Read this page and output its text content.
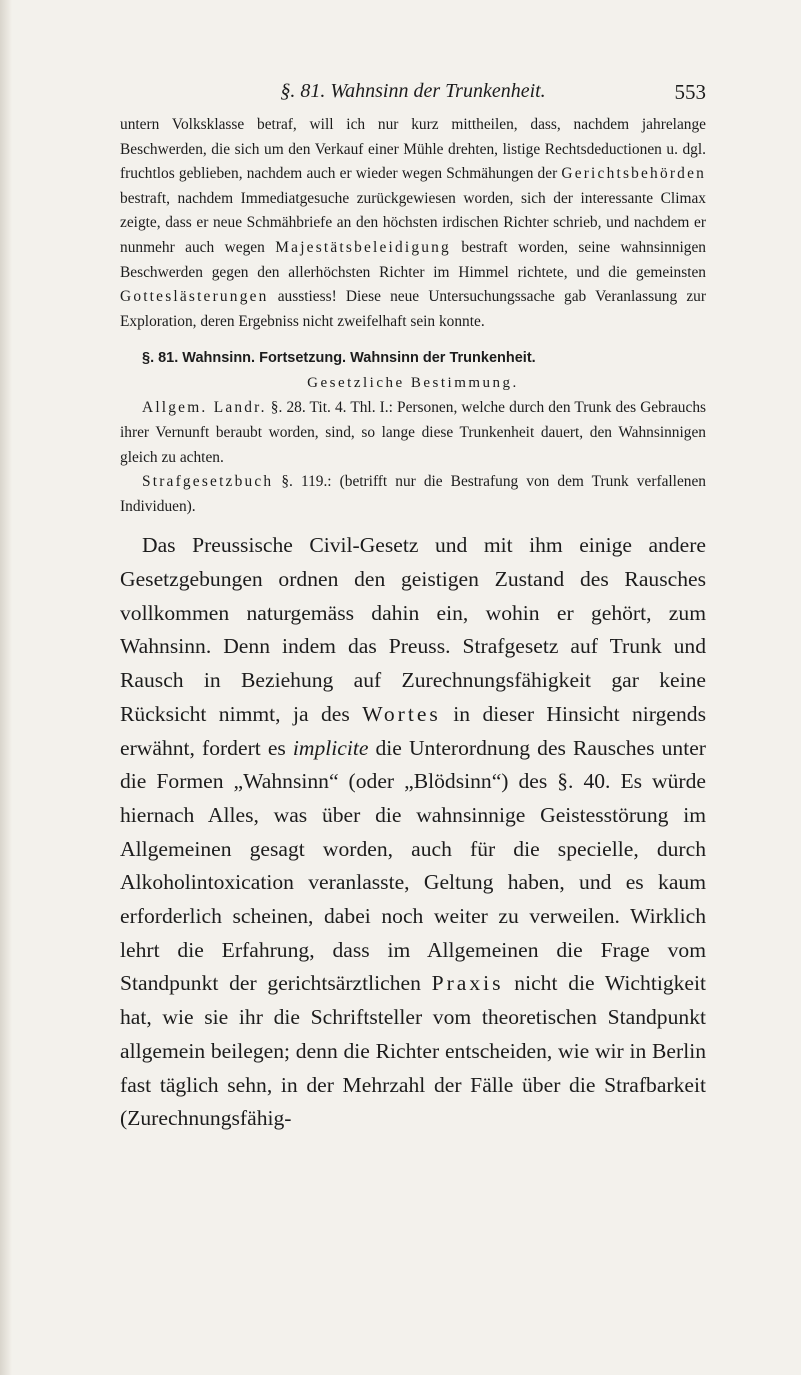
§. 81. Wahnsinn der Trunkenheit.	553

untern Volksklasse betraf, will ich nur kurz mittheilen, dass, nachdem jahrelange Beschwerden, die sich um den Verkauf einer Mühle drehten, listige Rechtsdeductionen u. dgl. fruchtlos geblieben, nachdem auch er wieder wegen Schmähungen der Gerichtsbehörden bestraft, nachdem Immediatgesuche zurückgewiesen worden, sich der interessante Climax zeigte, dass er neue Schmähbriefe an den höchsten irdischen Richter schrieb, und nachdem er nunmehr auch wegen Majestätsbeleidigung bestraft worden, seine wahnsinnigen Beschwerden gegen den allerhöchsten Richter im Himmel richtete, und die gemeinsten Gotteslästerungen ausstiess! Diese neue Untersuchungssache gab Veranlassung zur Exploration, deren Ergebniss nicht zweifelhaft sein konnte.

§. 81. Wahnsinn. Fortsetzung. Wahnsinn der Trunkenheit.
Gesetzliche Bestimmung.

Allgem. Landr. §. 28. Tit. 4. Thl. I.: Personen, welche durch den Trunk des Gebrauchs ihrer Vernunft beraubt worden, sind, so lange diese Trunkenheit dauert, den Wahnsinnigen gleich zu achten.

Strafgesetzbuch §. 119.: (betrifft nur die Bestrafung von dem Trunk verfallenen Individuen).

Das Preussische Civil-Gesetz und mit ihm einige andere Gesetzgebungen ordnen den geistigen Zustand des Rausches vollkommen naturgemäss dahin ein, wohin er gehört, zum Wahnsinn. Denn indem das Preuss. Strafgesetz auf Trunk und Rausch in Beziehung auf Zurechnungsfähigkeit gar keine Rücksicht nimmt, ja des Wortes in dieser Hinsicht nirgends erwähnt, fordert es implicite die Unterordnung des Rausches unter die Formen „Wahnsinn“ (oder „Blödsinn“) des §. 40. Es würde hiernach Alles, was über die wahnsinnige Geistesstörung im Allgemeinen gesagt worden, auch für die specielle, durch Alkoholintoxication veranlasste, Geltung haben, und es kaum erforderlich scheinen, dabei noch weiter zu verweilen. Wirklich lehrt die Erfahrung, dass im Allgemeinen die Frage vom Standpunkt der gerichtsärztlichen Praxis nicht die Wichtigkeit hat, wie sie ihr die Schriftsteller vom theoretischen Standpunkt allgemein beilegen; denn die Richter entscheiden, wie wir in Berlin fast täglich sehn, in der Mehrzahl der Fälle über die Strafbarkeit (Zurechnungsfähig-
